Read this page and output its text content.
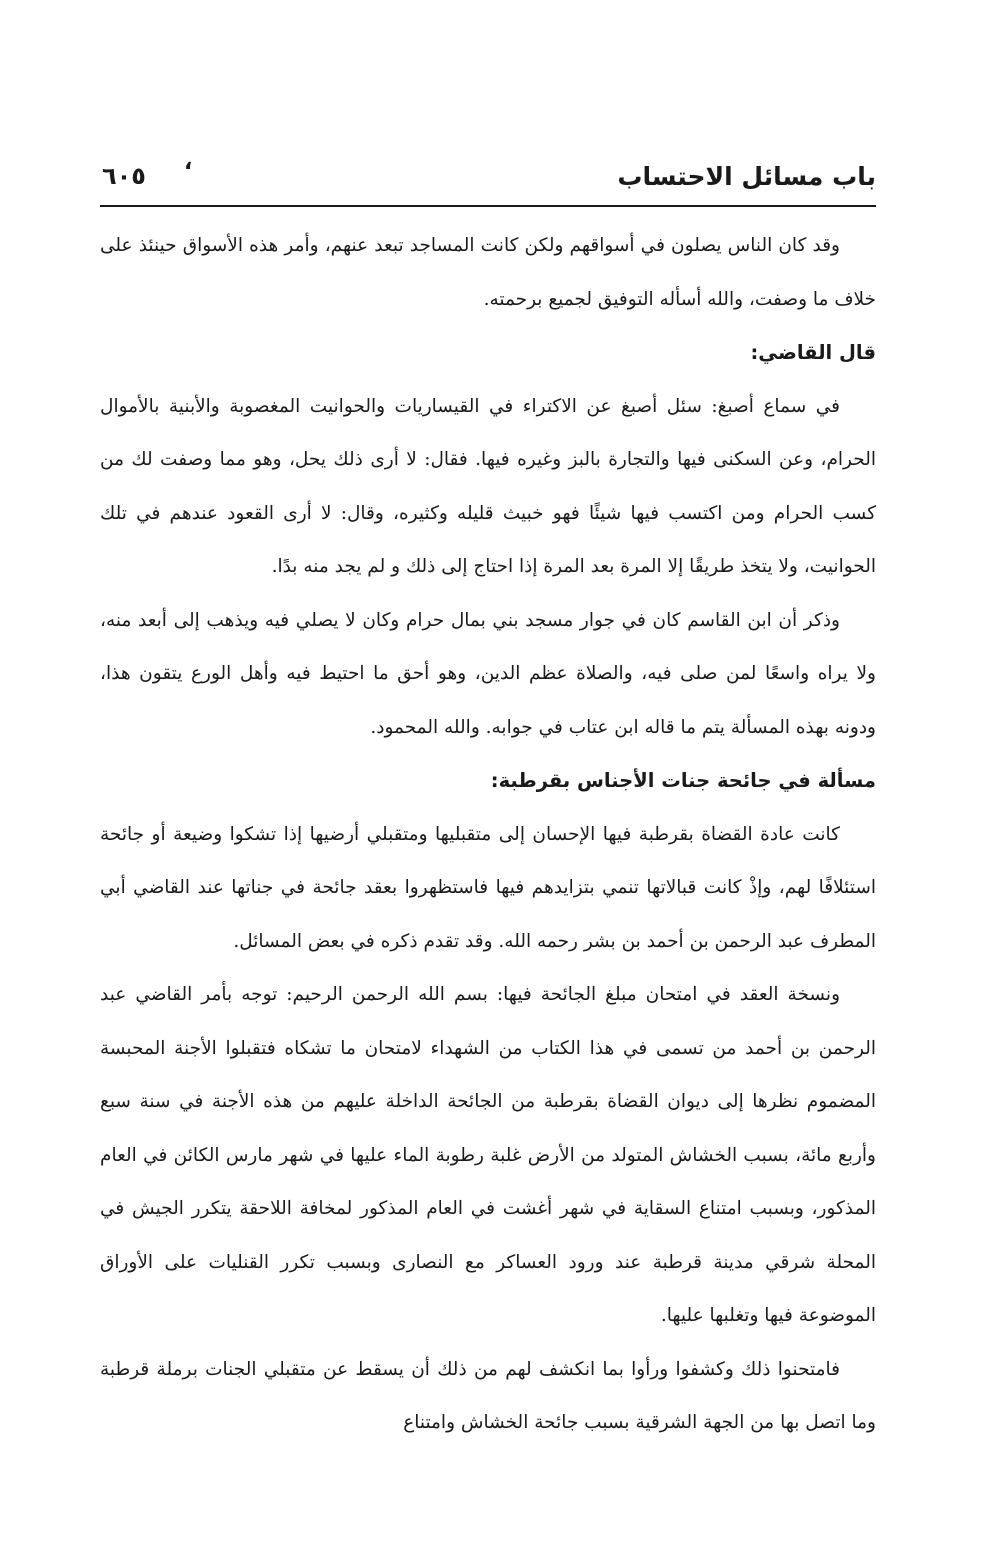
باب مسائل الاحتساب
،
٦٠٥

وقد كان الناس يصلون في أسواقهم ولكن كانت المساجد تبعد عنهم، وأمر هذه الأسواق حينئذ على خلاف ما وصفت، والله أسأله التوفيق لجميع برحمته.

قال القاضي:

في سماع أصبغ: سئل أصبغ عن الاكتراء في القيساريات والحوانيت المغصوبة والأبنية بالأموال الحرام، وعن السكنى فيها والتجارة بالبز وغيره فيها. فقال: لا أرى ذلك يحل، وهو مما وصفت لك من كسب الحرام ومن اكتسب فيها شيئًا فهو خبيث قليله وكثيره، وقال: لا أرى القعود عندهم في تلك الحوانيت، ولا يتخذ طريقًا إلا المرة بعد المرة إذا احتاج إلى ذلك و لم يجد منه بدًا.

وذكر أن ابن القاسم كان في جوار مسجد بني بمال حرام وكان لا يصلي فيه ويذهب إلى أبعد منه، ولا يراه واسعًا لمن صلى فيه، والصلاة عظم الدين، وهو أحق ما احتيط فيه وأهل الورع يتقون هذا، ودونه بهذه المسألة يتم ما قاله ابن عتاب في جوابه. والله المحمود.

مسألة في جائحة جنات الأجناس بقرطبة:

كانت عادة القضاة بقرطبة فيها الإحسان إلى متقبليها ومتقبلي أرضيها إذا تشكوا وضيعة أو جائحة استئلافًا لهم، وإذْ كانت قبالاتها تنمي بتزايدهم فيها فاستظهروا بعقد جائحة في جناتها عند القاضي أبي المطرف عبد الرحمن بن أحمد بن بشر رحمه الله. وقد تقدم ذكره في بعض المسائل.

ونسخة العقد في امتحان مبلغ الجائحة فيها: بسم الله الرحمن الرحيم: توجه بأمر القاضي عبد الرحمن بن أحمد من تسمى في هذا الكتاب من الشهداء لامتحان ما تشكاه فتقبلوا الأجنة المحبسة المضموم نظرها إلى ديوان القضاة بقرطبة من الجائحة الداخلة عليهم من هذه الأجنة في سنة سبع وأربع مائة، بسبب الخشاش المتولد من الأرض غلبة رطوبة الماء عليها في شهر مارس الكائن في العام المذكور، وبسبب امتناع السقاية في شهر أغشت في العام المذكور لمخافة اللاحقة يتكرر الجيش في المحلة شرقي مدينة قرطبة عند ورود العساكر مع النصارى وبسبب تكرر القنليات على الأوراق الموضوعة فيها وتغلبها عليها.

فامتحنوا ذلك وكشفوا ورأوا بما انكشف لهم من ذلك أن يسقط عن متقبلي الجنات برملة قرطبة وما اتصل بها من الجهة الشرقية بسبب جائحة الخشاش وامتناع
